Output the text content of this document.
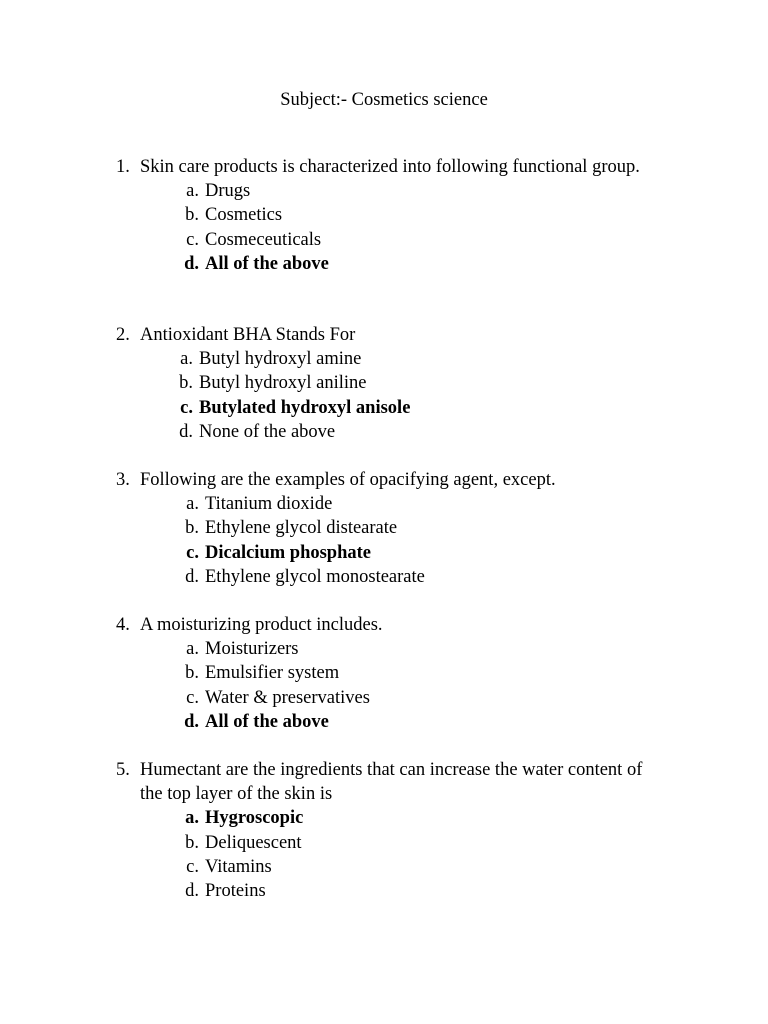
Subject:- Cosmetics science
1. Skin care products is characterized into following functional group.
a. Drugs
b. Cosmetics
c. Cosmeceuticals
d. All of the above
2. Antioxidant BHA Stands For
a. Butyl hydroxyl amine
b. Butyl hydroxyl aniline
c. Butylated hydroxyl anisole
d. None of the above
3. Following are the examples of opacifying agent, except.
a. Titanium dioxide
b. Ethylene glycol distearate
c. Dicalcium phosphate
d. Ethylene glycol monostearate
4. A moisturizing product includes.
a. Moisturizers
b. Emulsifier system
c. Water & preservatives
d. All of the above
5. Humectant are the ingredients that can increase the water content of the top layer of the skin is
a. Hygroscopic
b. Deliquescent
c. Vitamins
d. Proteins
